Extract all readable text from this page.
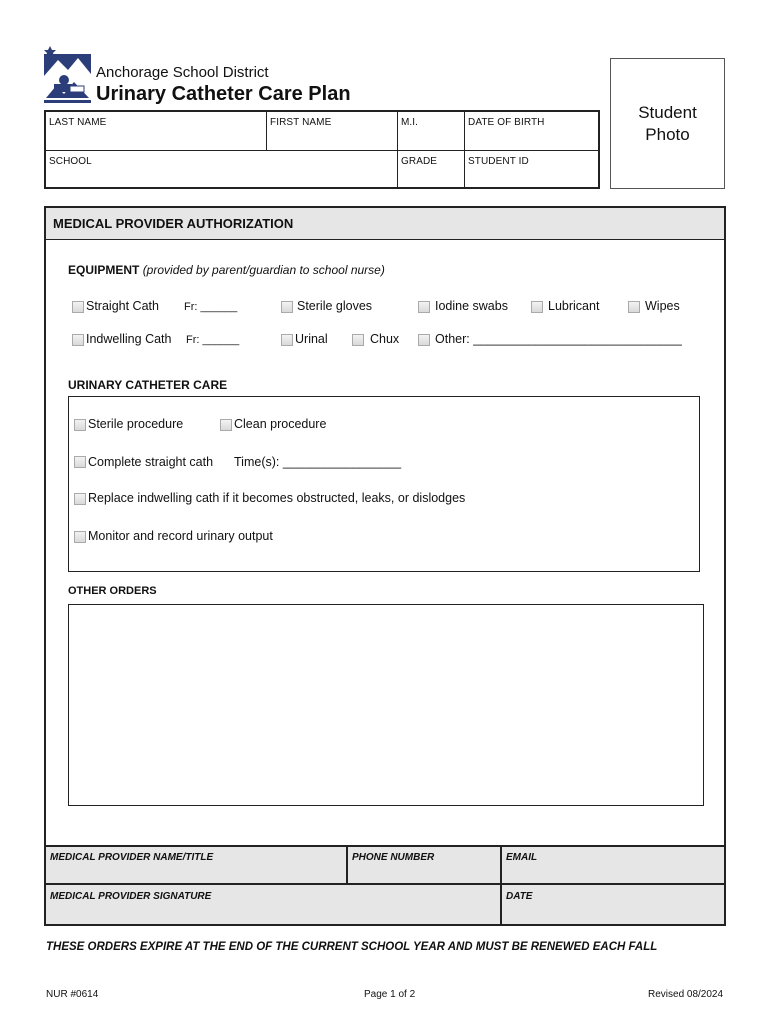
Anchorage School District
Urinary Catheter Care Plan
Student
Photo
LAST NAME	FIRST NAME	M.I.	DATE OF BIRTH
SCHOOL	GRADE	STUDENT ID
MEDICAL PROVIDER AUTHORIZATION
EQUIPMENT (provided by parent/guardian to school nurse)
Straight Cath Fr: ______	Sterile gloves	Iodine swabs	Lubricant	Wipes
Indwelling Cath Fr: ______	Urinal	Chux	Other: ______________________________
URINARY CATHETER CARE
Sterile procedure	Clean procedure
Complete straight cath Time(s): _________________
Replace indwelling cath if it becomes obstructed, leaks, or dislodges
Monitor and record urinary output
OTHER ORDERS
MEDICAL PROVIDER NAME/TITLE	PHONE NUMBER	EMAIL
MEDICAL PROVIDER SIGNATURE	DATE
THESE ORDERS EXPIRE AT THE END OF THE CURRENT SCHOOL YEAR AND MUST BE RENEWED EACH FALL
NUR #0614	Page 1 of 2	Revised 08/2024
